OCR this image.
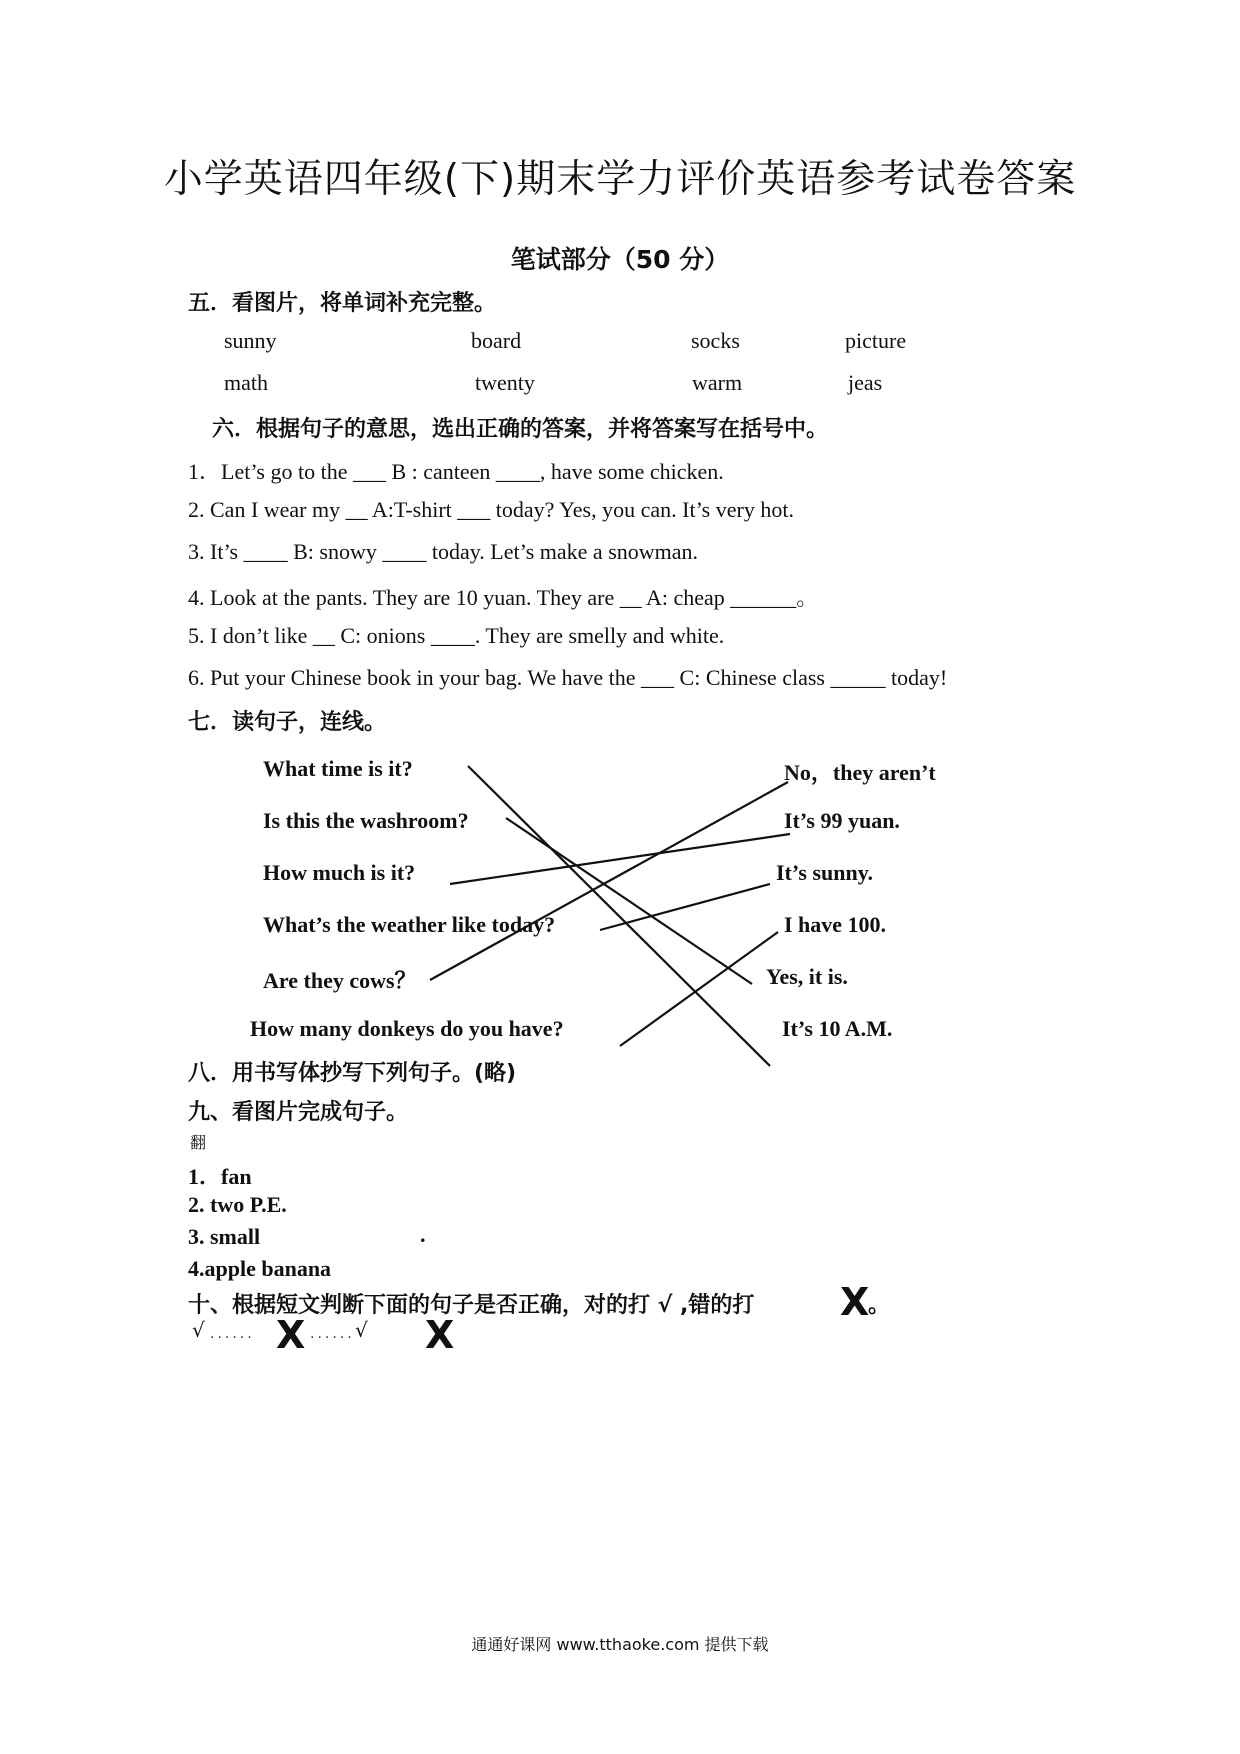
小学英语四年级(下)期末学力评价英语参考试卷答案
笔试部分（50 分）
五．看图片，将单词补充完整。
sunny	board	socks	picture
math	twenty	warm	jeas
六．根据句子的意思，选出正确的答案，并将答案写在括号中。
1．Let’s go to the ___ B : canteen ____, have some chicken.
2. Can I wear my __ A:T-shirt ___ today? Yes, you can. It’s very hot.
3. It’s ____ B: snowy ____ today. Let’s make a snowman.
4. Look at the pants. They are 10 yuan. They are __ A: cheap ______。
5. I don’t like __ C: onions ____. They are smelly and white.
6. Put your Chinese book in your bag. We have the ___ C: Chinese class _____ today!
七．读句子，连线。
What time is it?
Is this the washroom?
How much is it?
What’s the weather like today?
Are they cows？
How many donkeys do you have?
No，they aren’t
It’s 99 yuan.
It’s sunny.
I have 100.
Yes, it is.
It’s 10 A.M.
八．用书写体抄写下列句子。(略)
九、看图片完成句子。
翻
1．fan
2. two P.E.
3. small	.
4.apple banana
十、根据短文判断下面的句子是否正确，对的打 √ ,错的打 X
。
√ ...... X ...... √ X
通通好课网 www.tthaoke.com 提供下载
